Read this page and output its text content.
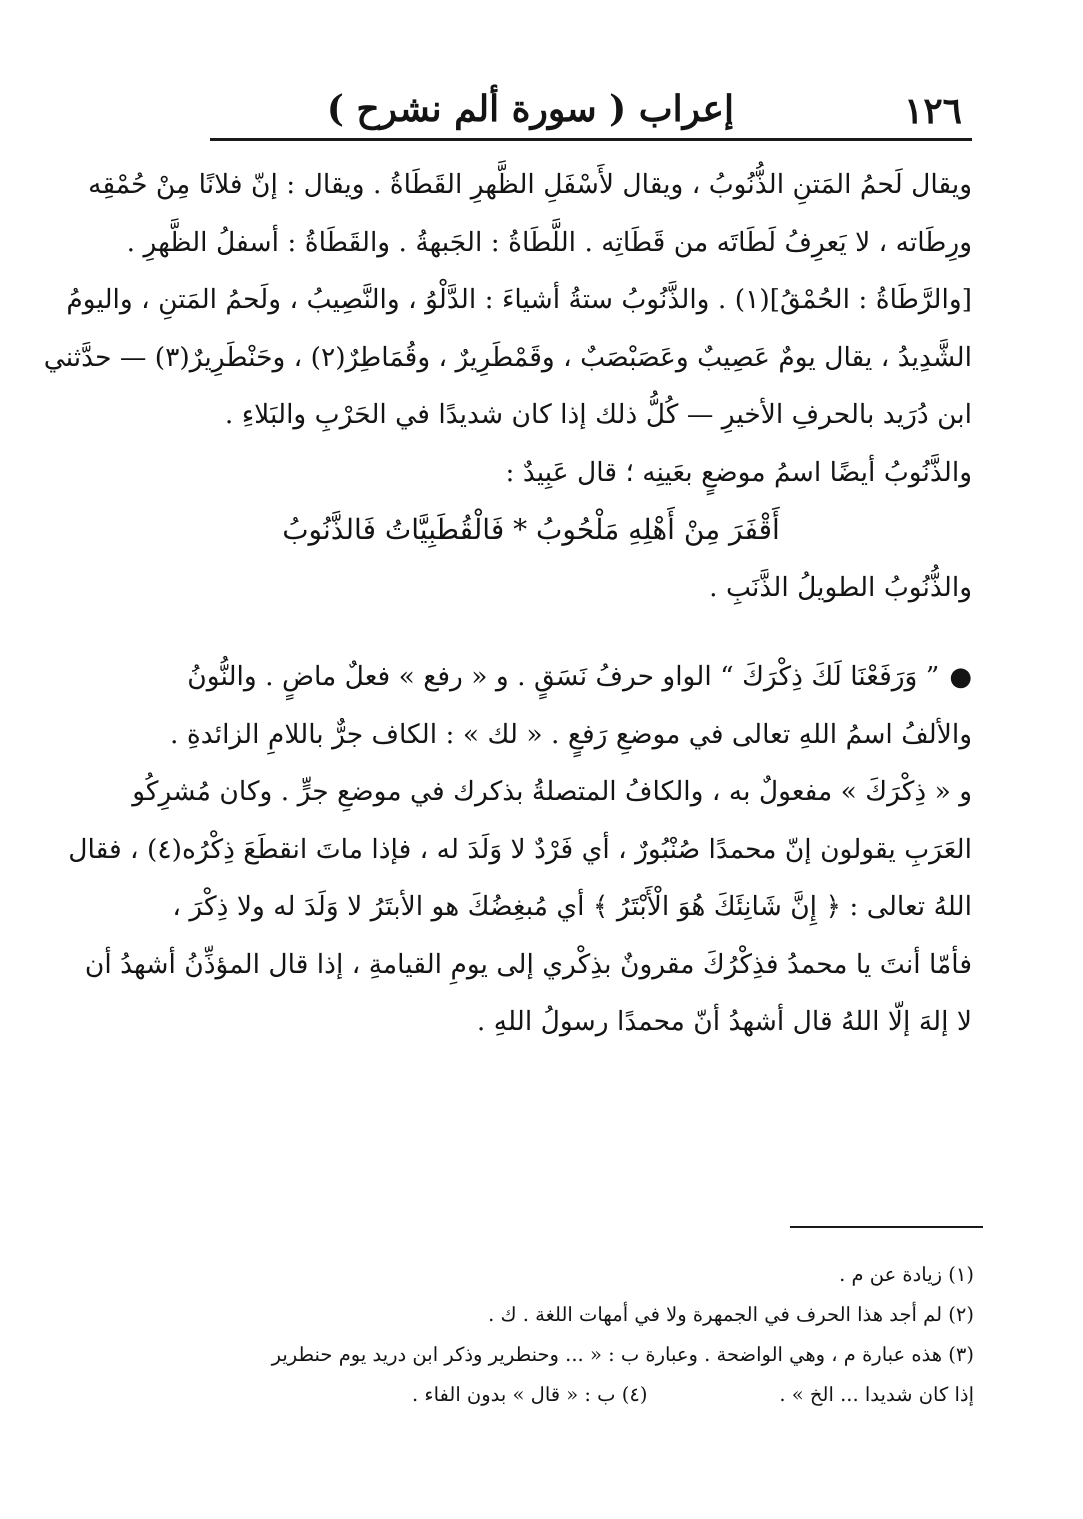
١٢٦
إعراب ( سورة ألم نشرح )
ويقال لَحمُ المَتنِ الذُّنُوبُ ، ويقال لأَسْفَلِ الظَّهرِ القَطَاةُ . ويقال : إنّ فلانًا مِنْ حُمْقِه
ورِطَاته ، لا يَعرِفُ لَطَاتَه من قَطَاتِه . اللَّطَاةُ : الجَبهةُ . والقَطَاةُ : أسفلُ الظَّهرِ .
[والرَّطَاةُ : الحُمْقُ](١) . والذَّنُوبُ ستةُ أشياءَ : الدَّلْوُ ، والنَّصِيبُ ، ولَحمُ المَتنِ ، واليومُ
الشَّدِيدُ ، يقال يومٌ عَصِيبٌ وعَصَبْصَبٌ ، وقَمْطَرِيرٌ ، وقُمَاطِرٌ(٢) ، وحَنْطَرِيرٌ(٣) — حدَّثني
ابن دُرَيد بالحرفِ الأخيرِ — كُلُّ ذلك إذا كان شديدًا في الحَرْبِ والبَلاءِ .
والذَّنُوبُ أيضًا اسمُ موضعٍ بعَينِه ؛ قال عَبِيدٌ :
أَقْفَرَ مِنْ أَهْلِهِ مَلْحُوبُ * فَالْقُطَبِيَّاتُ فَالذَّنُوبُ
والذُّنُوبُ الطويلُ الذَّنَبِ .
●” وَرَفَعْنَا لَكَ ذِكْرَكَ “ الواو حرفُ نَسَقٍ . و « رفع » فعلٌ ماضٍ . والنُّونُ
والألفُ اسمُ اللهِ تعالى في موضعِ رَفعٍ . « لك » : الكاف جرٌّ باللامِ الزائدةِ .
و « ذِكْرَكَ » مفعولٌ به ، والكافُ المتصلةُ بذكرك في موضعِ جرٍّ . وكان مُشرِكُو
العَرَبِ يقولون إنّ محمدًا صُنْبُورٌ ، أي فَرْدٌ لا وَلَدَ له ، فإذا ماتَ انقطَعَ ذِكْرُه(٤) ، فقال
اللهُ تعالى : ﴿ إِنَّ شَانِئَكَ هُوَ الْأَبْتَرُ ﴾ أي مُبغِضُكَ هو الأبتَرُ لا وَلَدَ له ولا ذِكْرَ ،
فأمّا أنتَ يا محمدُ فذِكْرُكَ مقرونٌ بذِكْري إلى يومِ القيامةِ ، إذا قال المؤذِّنُ أشهدُ أن
لا إلهَ إلّا اللهُ قال أشهدُ أنّ محمدًا رسولُ اللهِ .
(١) زيادة عن م .
(٢) لم أجد هذا الحرف في الجمهرة ولا في أمهات اللغة . ك .
(٣) هذه عبارة م ، وهي الواضحة . وعبارة ب : « ... وحنطرير وذكر ابن دريد يوم حنطرير
إذا كان شديدا ... الخ » .
(٤) ب : « قال » بدون الفاء .
